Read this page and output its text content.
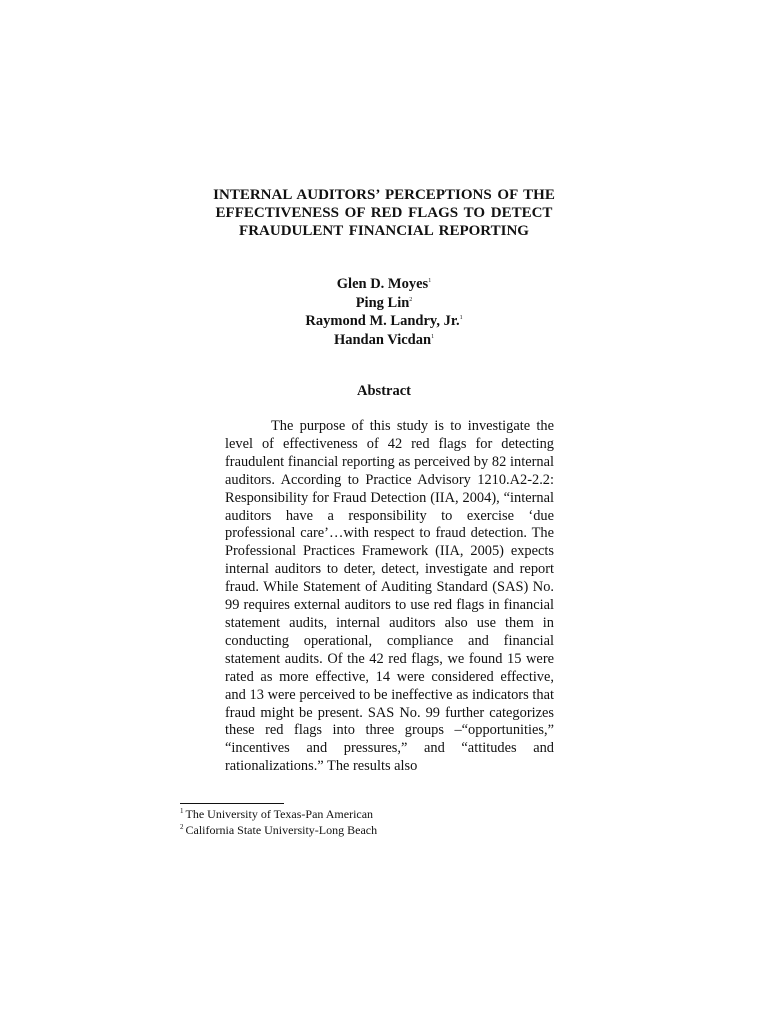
INTERNAL AUDITORS’ PERCEPTIONS OF THE
EFFECTIVENESS OF RED FLAGS TO DETECT
FRAUDULENT FINANCIAL REPORTING
Glen D. Moyes$^1$
Ping Lin$^2$
Raymond M. Landry, Jr.$^1$
Handan Vicdan$^1$
Abstract

The purpose of this study is to investigate the level of effectiveness of 42 red flags for detecting fraudulent financial reporting as perceived by 82 internal auditors. According to Practice Advisory 1210.A2-2.2: Responsibility for Fraud Detection (IIA, 2004), “internal auditors have a responsibility to exercise ‘due professional care’…with respect to fraud detection. The Professional Practices Framework (IIA, 2005) expects internal auditors to deter, detect, investigate and report fraud. While Statement of Auditing Standard (SAS) No. 99 requires external auditors to use red flags in financial statement audits, internal auditors also use them in conducting operational, compliance and financial statement audits. Of the 42 red flags, we found 15 were rated as more effective, 14 were considered effective, and 13 were perceived to be ineffective as indicators that fraud might be present. SAS No. 99 further categorizes these red flags into three groups –“opportunities,” “incentives and pressures,” and “attitudes and rationalizations.” The results also

$^1$ The University of Texas-Pan American
$^2$ California State University-Long Beach
